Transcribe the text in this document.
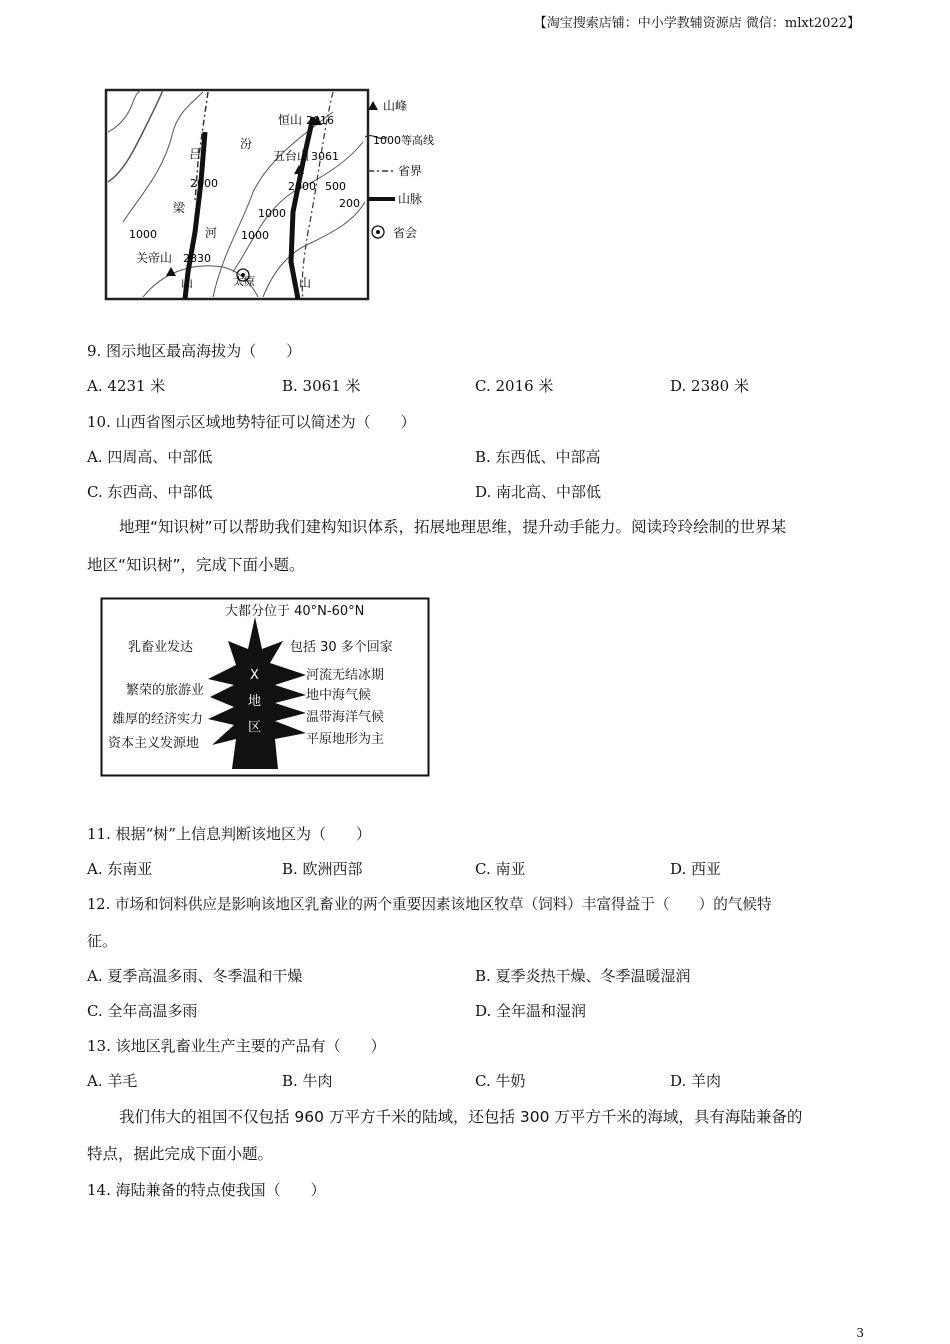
【淘宝搜索店铺：中小学教辅资源店 微信：mlxt2022】
恒山 2016
五台山 3061
吕
汾
2000
梁
2000 500
200
1000
河 1000
1000
关帝山 2830
山	太原	山
山峰
1000等高线
省界
山脉
省会
9. 图示地区最高海拔为（　　）
A. 4231 米	B. 3061 米	C. 2016 米	D. 2380 米
10. 山西省图示区域地势特征可以简述为（　　）
A. 四周高、中部低	B. 东西低、中部高
C. 东西高、中部低	D. 南北高、中部低
地理“知识树”可以帮助我们建构知识体系，拓展地理思维，提升动手能力。阅读玲玲绘制的世界某
地区“知识树”，完成下面小题。
大都分位于 40°N-60°N
X
地
区
乳畜业发达
繁荣的旅游业
雄厚的经济实力
资本主义发源地
包括 30 多个回家
河流无结冰期
地中海气候
温带海洋气候
平原地形为主
11. 根据“树”上信息判断该地区为（　　）
A. 东南亚	B. 欧洲西部	C. 南亚	D. 西亚
12. 市场和饲料供应是影响该地区乳畜业的两个重要因素该地区牧草（饲料）丰富得益于（　　）的气候特
征。
A. 夏季高温多雨、冬季温和干燥	B. 夏季炎热干燥、冬季温暖湿润
C. 全年高温多雨	D. 全年温和湿润
13. 该地区乳畜业生产主要的产品有（　　）
A. 羊毛	B. 牛肉	C. 牛奶	D. 羊肉
我们伟大的祖国不仅包括 960 万平方千米的陆域，还包括 300 万平方千米的海域，具有海陆兼备的
特点，据此完成下面小题。
14. 海陆兼备的特点使我国（　　）
3
